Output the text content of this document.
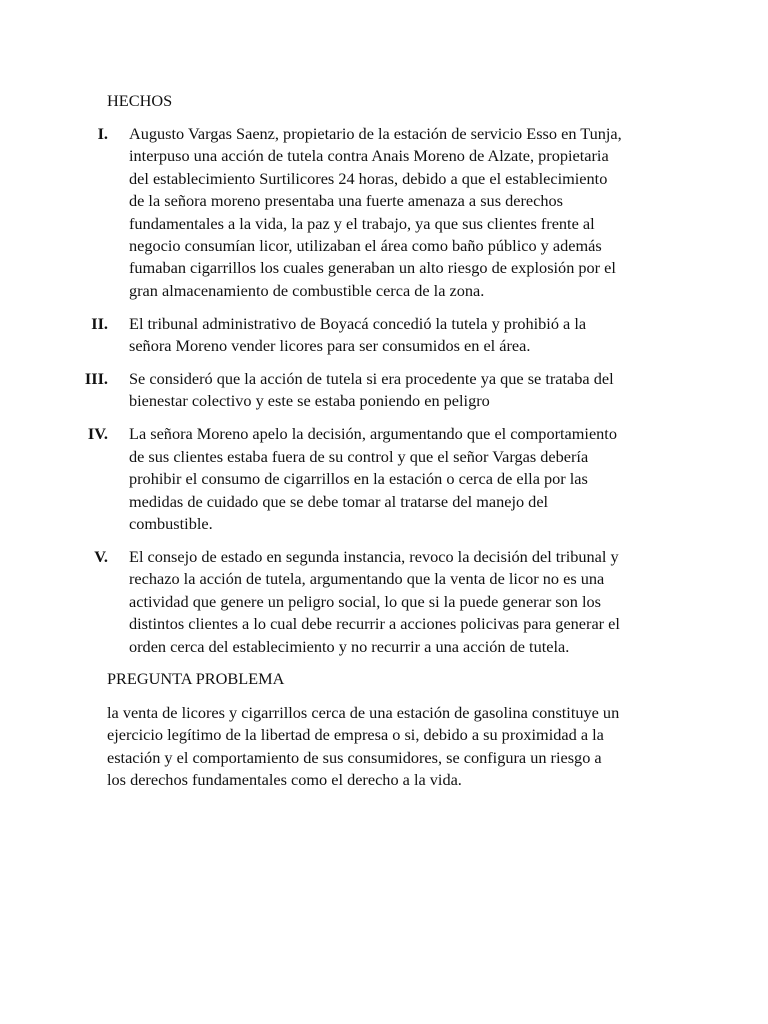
HECHOS
I. Augusto Vargas Saenz, propietario de la estación de servicio Esso en Tunja,
interpuso una acción de tutela contra Anais Moreno de Alzate, propietaria
del establecimiento Surtilicores 24 horas, debido a que el establecimiento
de la señora moreno presentaba una fuerte amenaza a sus derechos
fundamentales a la vida, la paz y el trabajo, ya que sus clientes frente al
negocio consumían licor, utilizaban el área como baño público y además
fumaban cigarrillos los cuales generaban un alto riesgo de explosión por el
gran almacenamiento de combustible cerca de la zona.
II. El tribunal administrativo de Boyacá concedió la tutela y prohibió a la
señora Moreno vender licores para ser consumidos en el área.
III. Se consideró que la acción de tutela si era procedente ya que se trataba del
bienestar colectivo y este se estaba poniendo en peligro
IV. La señora Moreno apelo la decisión, argumentando que el comportamiento
de sus clientes estaba fuera de su control y que el señor Vargas debería
prohibir el consumo de cigarrillos en la estación o cerca de ella por las
medidas de cuidado que se debe tomar al tratarse del manejo del
combustible.
V. El consejo de estado en segunda instancia, revoco la decisión del tribunal y
rechazo la acción de tutela, argumentando que la venta de licor no es una
actividad que genere un peligro social, lo que si la puede generar son los
distintos clientes a lo cual debe recurrir a acciones policivas para generar el
orden cerca del establecimiento y no recurrir a una acción de tutela.
PREGUNTA PROBLEMA
la venta de licores y cigarrillos cerca de una estación de gasolina constituye un
ejercicio legítimo de la libertad de empresa o si, debido a su proximidad a la
estación y el comportamiento de sus consumidores, se configura un riesgo a
los derechos fundamentales como el derecho a la vida.
